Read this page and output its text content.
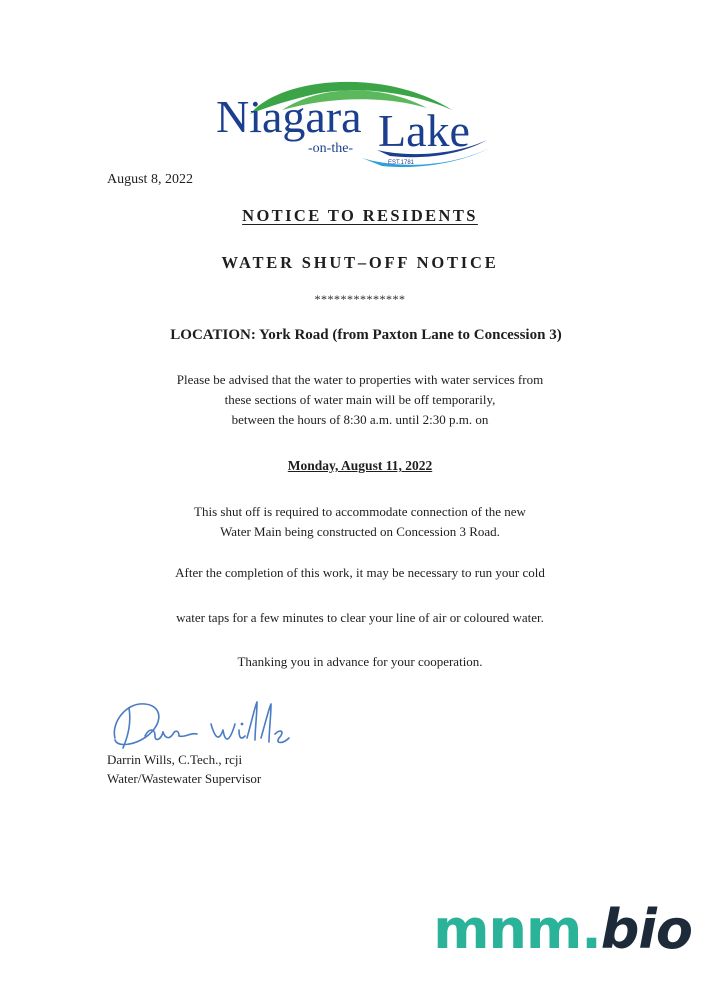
Niagara Lake
-on-the-
EST.1781
August 8, 2022
NOTICE TO RESIDENTS
WATER SHUT–OFF NOTICE
**************
LOCATION: York Road (from Paxton Lane to Concession 3)
Please be advised that the water to properties with water services from
these sections of water main will be off temporarily,
between the hours of 8:30 a.m. until 2:30 p.m. on
Monday, August 11, 2022
This shut off is required to accommodate connection of the new
Water Main being constructed on Concession 3 Road.
After the completion of this work, it may be necessary to run your cold
water taps for a few minutes to clear your line of air or coloured water.
Thanking you in advance for your cooperation.
Darrin Wills, C.Tech., rcji
Water/Wastewater Supervisor
mnm.bio
